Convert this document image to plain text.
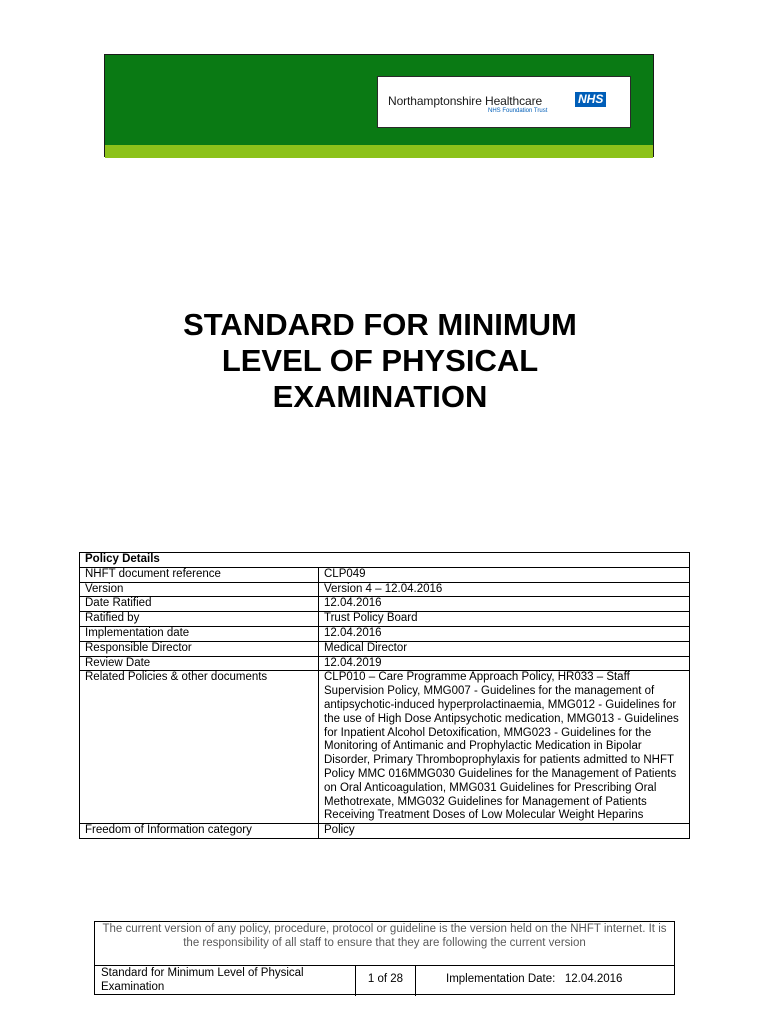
Northamptonshire Healthcare	NHS
NHS Foundation Trust
STANDARD FOR MINIMUM
LEVEL OF PHYSICAL
EXAMINATION
Policy Details	
NHFT document reference	CLP049
Version	Version 4 – 12.04.2016
Date Ratified	12.04.2016
Ratified by	Trust Policy Board
Implementation date	12.04.2016
Responsible Director	Medical Director
Review Date	12.04.2019
Related Policies & other documents	CLP010 – Care Programme Approach Policy, HR033 – Staff Supervision Policy, MMG007 - Guidelines for the management of antipsychotic-induced hyperprolactinaemia, MMG012 - Guidelines for the use of High Dose Antipsychotic medication, MMG013 - Guidelines for Inpatient Alcohol Detoxification, MMG023 - Guidelines for the Monitoring of Antimanic and Prophylactic Medication in Bipolar Disorder, Primary Thromboprophylaxis for patients admitted to NHFT Policy MMC 016MMG030 Guidelines for the Management of Patients on Oral Anticoagulation, MMG031 Guidelines for Prescribing Oral Methotrexate, MMG032 Guidelines for Management of Patients Receiving Treatment Doses of Low Molecular Weight Heparins
Freedom of Information category	Policy
The current version of any policy, procedure, protocol or guideline is the version held on the NHFT internet. It is the responsibility of all staff to ensure that they are following the current version
Standard for Minimum Level of Physical Examination
1 of 28	Implementation Date:   12.04.2016
